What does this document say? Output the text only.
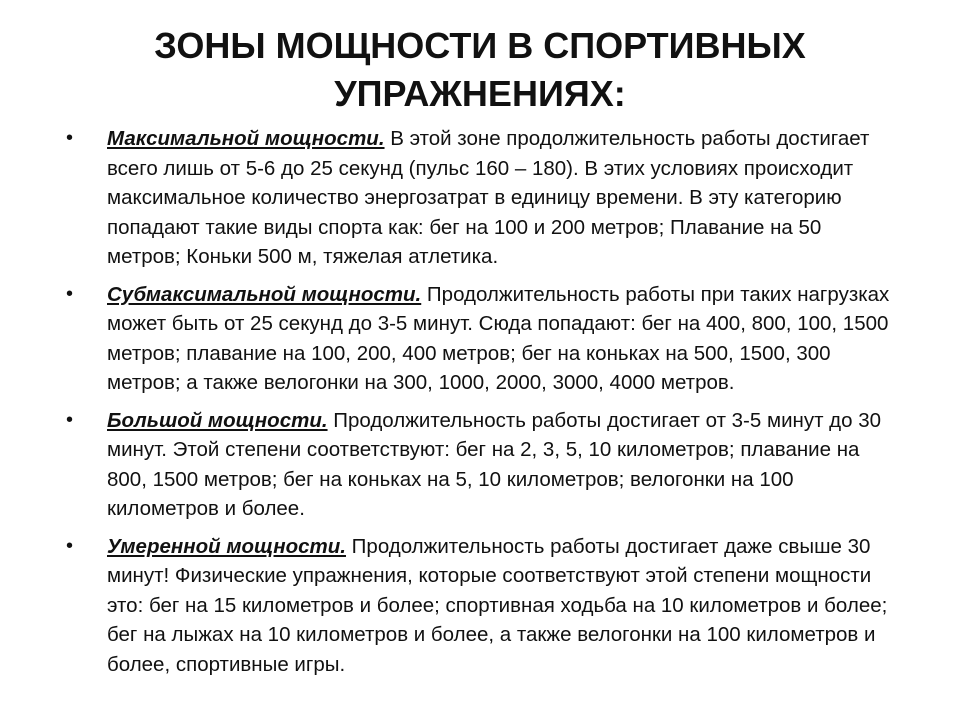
ЗОНЫ МОЩНОСТИ В СПОРТИВНЫХ
УПРАЖНЕНИЯХ:
• Максимальной мощности. В этой зоне продолжительность работы достигает всего лишь от 5-6 до 25 секунд (пульс 160 – 180). В этих условиях происходит максимальное количество энергозатрат в единицу времени. В эту категорию попадают такие виды спорта как: бег на 100 и 200 метров; Плавание на 50 метров; Коньки 500 м, тяжелая атлетика.
• Субмаксимальной мощности. Продолжительность работы при таких нагрузках может быть от 25 секунд до 3-5 минут. Сюда попадают: бег на 400, 800, 100, 1500 метров; плавание на 100, 200, 400 метров; бег на коньках на 500, 1500, 300 метров; а также велогонки на 300, 1000, 2000, 3000, 4000 метров.
• Большой мощности. Продолжительность работы достигает от 3-5 минут до 30 минут. Этой степени соответствуют: бег на 2, 3, 5, 10 километров; плавание на 800, 1500 метров; бег на коньках на 5, 10 километров; велогонки на 100 километров и более.
• Умеренной мощности. Продолжительность работы достигает даже свыше 30 минут! Физические упражнения, которые соответствуют этой степени мощности это: бег на 15 километров и более; спортивная ходьба на 10 километров и более; бег на лыжах на 10 километров и более, а также велогонки на 100 километров и более, спортивные игры.
